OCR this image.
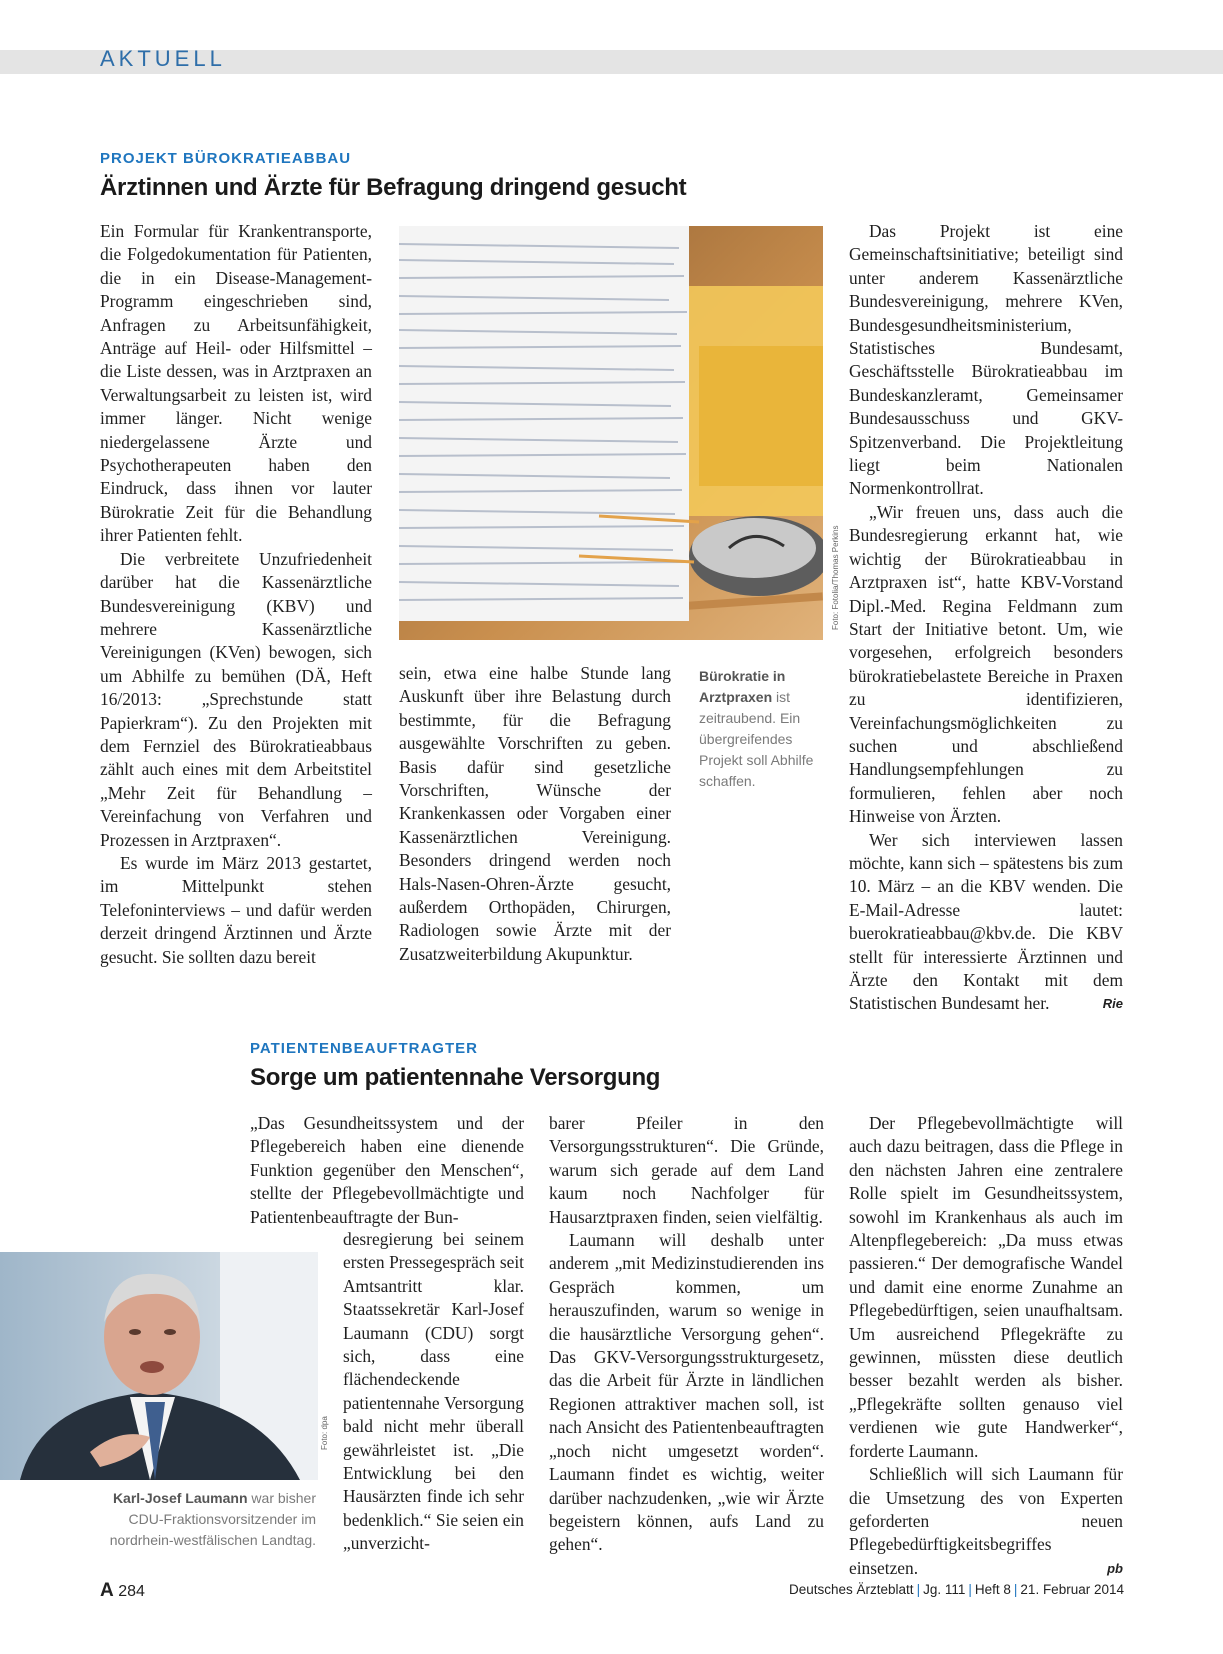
AKTUELL
PROJEKT BÜROKRATIEABBAU
Ärztinnen und Ärzte für Befragung dringend gesucht

Ein Formular für Krankentransporte, die Folgedokumentation für Patienten, die in ein Disease-Management-Programm eingeschrieben sind, Anfragen zu Arbeitsunfähigkeit, Anträge auf Heil- oder Hilfsmittel – die Liste dessen, was in Arztpraxen an Verwaltungsarbeit zu leisten ist, wird immer länger. Nicht wenige niedergelassene Ärzte und Psychotherapeuten haben den Eindruck, dass ihnen vor lauter Bürokratie Zeit für die Behandlung ihrer Patienten fehlt.

Die verbreitete Unzufriedenheit darüber hat die Kassenärztliche Bundesvereinigung (KBV) und mehrere Kassenärztliche Vereinigungen (KVen) bewogen, sich um Abhilfe zu bemühen (DÄ, Heft 16/2013: „Sprechstunde statt Papierkram“). Zu den Projekten mit dem Fernziel des Bürokratieabbaus zählt auch eines mit dem Arbeitstitel „Mehr Zeit für Behandlung – Vereinfachung von Verfahren und Prozessen in Arztpraxen“.

Es wurde im März 2013 gestartet, im Mittelpunkt stehen Telefoninterviews – und dafür werden derzeit dringend Ärztinnen und Ärzte gesucht. Sie sollten dazu bereit

Foto: Fotolia/Thomas Perkins

sein, etwa eine halbe Stunde lang Auskunft über ihre Belastung durch bestimmte, für die Befragung ausgewählte Vorschriften zu geben. Basis dafür sind gesetzliche Vorschriften, Wünsche der Krankenkassen oder Vorgaben einer Kassenärztlichen Vereinigung. Besonders dringend werden noch Hals-Nasen-Ohren-Ärzte gesucht, außerdem Orthopäden, Chirurgen, Radiologen sowie Ärzte mit der Zusatzweiterbildung Akupunktur.

Bürokratie in Arztpraxen ist zeitraubend. Ein übergreifendes Projekt soll Abhilfe schaffen.

Das Projekt ist eine Gemeinschaftsinitiative; beteiligt sind unter anderem Kassenärztliche Bundesvereinigung, mehrere KVen, Bundesgesundheitsministerium, Statistisches Bundesamt, Geschäftsstelle Bürokratieabbau im Bundeskanzleramt, Gemeinsamer Bundesausschuss und GKV-Spitzenverband. Die Projektleitung liegt beim Nationalen Normenkontrollrat.

„Wir freuen uns, dass auch die Bundesregierung erkannt hat, wie wichtig der Bürokratieabbau in Arztpraxen ist“, hatte KBV-Vorstand Dipl.-Med. Regina Feldmann zum Start der Initiative betont. Um, wie vorgesehen, erfolgreich besonders bürokratiebelastete Bereiche in Praxen zu identifizieren, Vereinfachungsmöglichkeiten zu suchen und abschließend Handlungsempfehlungen zu formulieren, fehlen aber noch Hinweise von Ärzten.

Wer sich interviewen lassen möchte, kann sich – spätestens bis zum 10. März – an die KBV wenden. Die E-Mail-Adresse lautet: buerokratieabbau@kbv.de. Die KBV stellt für interessierte Ärztinnen und Ärzte den Kontakt mit dem Statistischen Bundesamt her.	Rie

PATIENTENBEAUFTRAGTER
Sorge um patientennahe Versorgung

„Das Gesundheitssystem und der Pflegebereich haben eine dienende Funktion gegenüber den Menschen“, stellte der Pflegebevollmächtigte und Patientenbeauftragte der Bun-

Foto: dpa
Karl-Josef Laumann war bisher CDU-Fraktionsvorsitzender im nordrhein-westfälischen Landtag.

desregierung bei seinem ersten Pressegespräch seit Amtsantritt klar. Staatssekretär Karl-Josef Laumann (CDU) sorgt sich, dass eine flächendeckende patientennahe Versorgung bald nicht mehr überall gewährleistet ist. „Die Entwicklung bei den Hausärzten finde ich sehr bedenklich.“ Sie seien ein „unverzicht-

barer Pfeiler in den Versorgungsstrukturen“. Die Gründe, warum sich gerade auf dem Land kaum noch Nachfolger für Hausarztpraxen finden, seien vielfältig.

Laumann will deshalb unter anderem „mit Medizinstudierenden ins Gespräch kommen, um herauszufinden, warum so wenige in die hausärztliche Versorgung gehen“. Das GKV-Versorgungsstrukturgesetz, das die Arbeit für Ärzte in ländlichen Regionen attraktiver machen soll, ist nach Ansicht des Patientenbeauftragten „noch nicht umgesetzt worden“. Laumann findet es wichtig, weiter darüber nachzudenken, „wie wir Ärzte begeistern können, aufs Land zu gehen“.

Der Pflegebevollmächtigte will auch dazu beitragen, dass die Pflege in den nächsten Jahren eine zentralere Rolle spielt im Gesundheitssystem, sowohl im Krankenhaus als auch im Altenpflegebereich: „Da muss etwas passieren.“ Der demografische Wandel und damit eine enorme Zunahme an Pflegebedürftigen, seien unaufhaltsam. Um ausreichend Pflegekräfte zu gewinnen, müssten diese deutlich besser bezahlt werden als bisher. „Pflegekräfte sollten genauso viel verdienen wie gute Handwerker“, forderte Laumann.

Schließlich will sich Laumann für die Umsetzung des von Experten geforderten neuen Pflegebedürftigkeitsbegriffes einsetzen.	pb

A 284	Deutsches Ärzteblatt | Jg. 111 | Heft 8 | 21. Februar 2014
